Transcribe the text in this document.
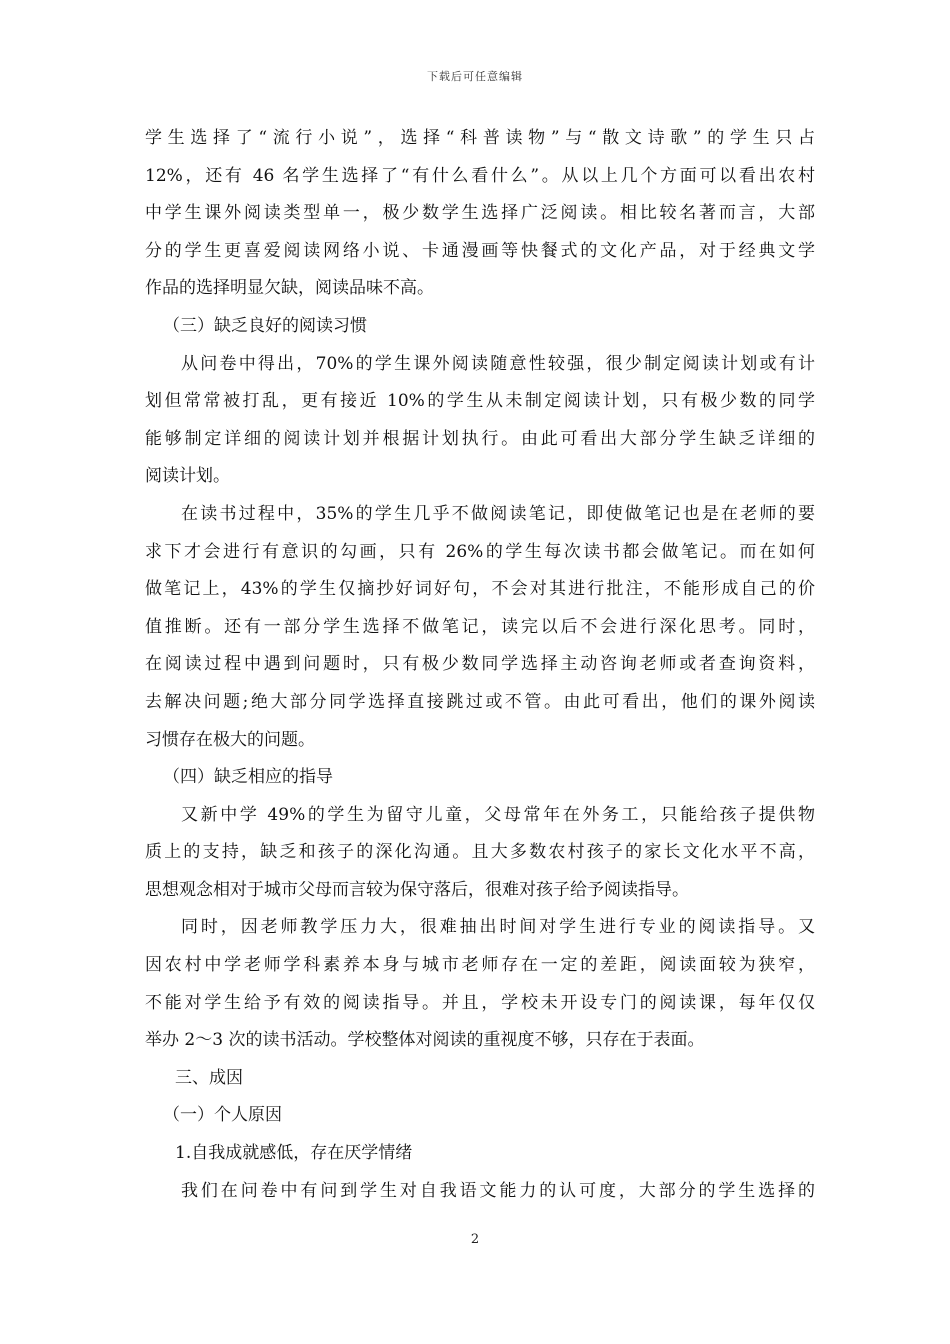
下载后可任意编辑
学生选择了“流行小说”，选择“科普读物”与“散文诗歌”的学生只占
12%，还有 46 名学生选择了“有什么看什么”。从以上几个方面可以看出农村
中学生课外阅读类型单一，极少数学生选择广泛阅读。相比较名著而言，大部
分的学生更喜爱阅读网络小说、卡通漫画等快餐式的文化产品，对于经典文学
作品的选择明显欠缺，阅读品味不高。
（三）缺乏良好的阅读习惯
从问卷中得出，70%的学生课外阅读随意性较强，很少制定阅读计划或有计
划但常常被打乱，更有接近 10%的学生从未制定阅读计划，只有极少数的同学
能够制定详细的阅读计划并根据计划执行。由此可看出大部分学生缺乏详细的
阅读计划。
在读书过程中，35%的学生几乎不做阅读笔记，即使做笔记也是在老师的要
求下才会进行有意识的勾画，只有 26%的学生每次读书都会做笔记。而在如何
做笔记上，43%的学生仅摘抄好词好句，不会对其进行批注，不能形成自己的价
值推断。还有一部分学生选择不做笔记，读完以后不会进行深化思考。同时，
在阅读过程中遇到问题时，只有极少数同学选择主动咨询老师或者查询资料，
去解决问题;绝大部分同学选择直接跳过或不管。由此可看出，他们的课外阅读
习惯存在极大的问题。
（四）缺乏相应的指导
又新中学 49%的学生为留守儿童，父母常年在外务工，只能给孩子提供物
质上的支持，缺乏和孩子的深化沟通。且大多数农村孩子的家长文化水平不高，
思想观念相对于城市父母而言较为保守落后，很难对孩子给予阅读指导。
同时，因老师教学压力大，很难抽出时间对学生进行专业的阅读指导。又
因农村中学老师学科素养本身与城市老师存在一定的差距，阅读面较为狭窄，
不能对学生给予有效的阅读指导。并且，学校未开设专门的阅读课，每年仅仅
举办 2～3 次的读书活动。学校整体对阅读的重视度不够，只存在于表面。
三、成因
（一）个人原因
1.自我成就感低，存在厌学情绪
我们在问卷中有问到学生对自我语文能力的认可度，大部分的学生选择的
2
